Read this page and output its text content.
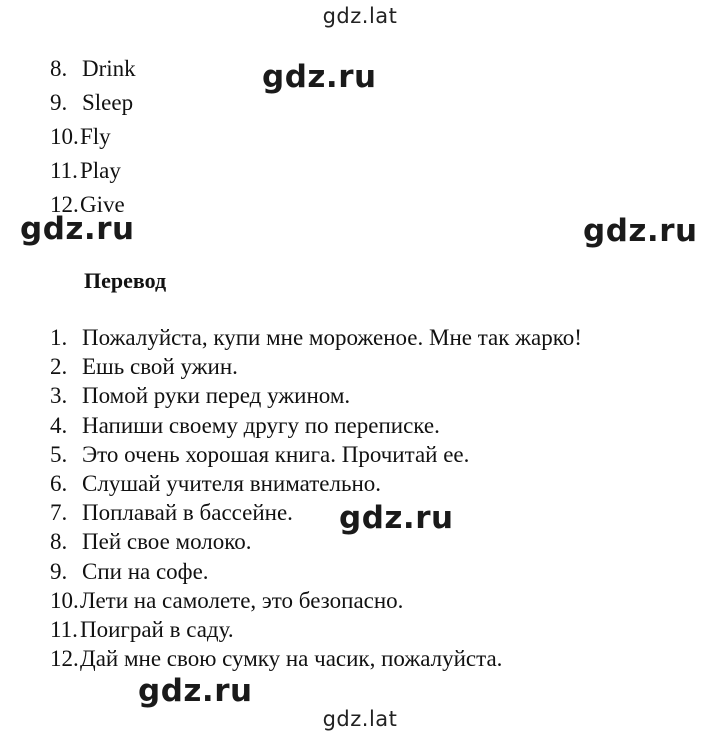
gdz.lat
gdz.ru
gdz.ru	gdz.ru
gdz.ru
gdz.ru
8. Drink
9. Sleep
10.Fly
11.Play
12.Give
Перевод
1. Пожалуйста, купи мне мороженое. Мне так жарко!
2. Ешь свой ужин.
3. Помой руки перед ужином.
4. Напиши своему другу по переписке.
5. Это очень хорошая книга. Прочитай ее.
6. Слушай учителя внимательно.
7. Поплавай в бассейне.
8. Пей свое молоко.
9. Спи на софе.
10.Лети на самолете, это безопасно.
11.Поиграй в саду.
12.Дай мне свою сумку на часик, пожалуйста.
gdz.lat
